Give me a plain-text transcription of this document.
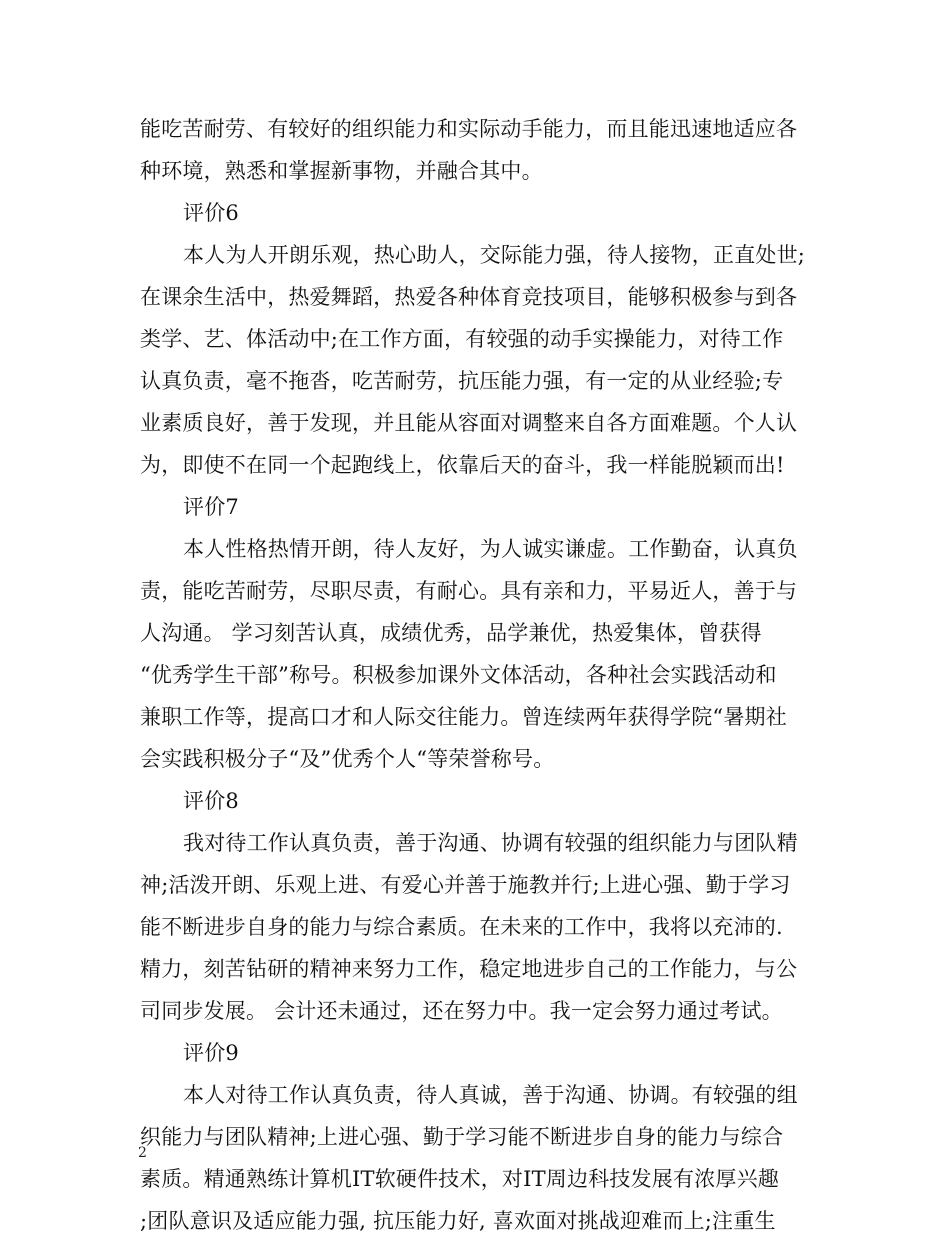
能吃苦耐劳、有较好的组织能力和实际动手能力，而且能迅速地适应各
种环境，熟悉和掌握新事物，并融合其中。
评价6
本人为人开朗乐观，热心助人，交际能力强，待人接物，正直处世;
在课余生活中，热爱舞蹈，热爱各种体育竞技项目，能够积极参与到各
类学、艺、体活动中;在工作方面，有较强的动手实操能力，对待工作
认真负责，毫不拖沓，吃苦耐劳，抗压能力强，有一定的从业经验;专
业素质良好，善于发现，并且能从容面对调整来自各方面难题。个人认
为，即使不在同一个起跑线上，依靠后天的奋斗，我一样能脱颖而出!
评价7
本人性格热情开朗，待人友好，为人诚实谦虚。工作勤奋，认真负
责，能吃苦耐劳，尽职尽责，有耐心。具有亲和力，平易近人，善于与
人沟通。 学习刻苦认真，成绩优秀，品学兼优，热爱集体，曾获得
“优秀学生干部”称号。积极参加课外文体活动，各种社会实践活动和
兼职工作等，提高口才和人际交往能力。曾连续两年获得学院“暑期社
会实践积极分子“及”优秀个人“等荣誉称号。
评价8
我对待工作认真负责，善于沟通、协调有较强的组织能力与团队精
神;活泼开朗、乐观上进、有爱心并善于施教并行;上进心强、勤于学习
能不断进步自身的能力与综合素质。在未来的工作中，我将以充沛的.
精力，刻苦钻研的精神来努力工作，稳定地进步自己的工作能力，与公
司同步发展。 会计还未通过，还在努力中。我一定会努力通过考试。
评价9
本人对待工作认真负责，待人真诚，善于沟通、协调。有较强的组
织能力与团队精神;上进心强、勤于学习能不断进步自身的能力与综合
素质。精通熟练计算机IT软硬件技术，对IT周边科技发展有浓厚兴趣
;团队意识及适应能力强, 抗压能力好, 喜欢面对挑战迎难而上;注重生
2
